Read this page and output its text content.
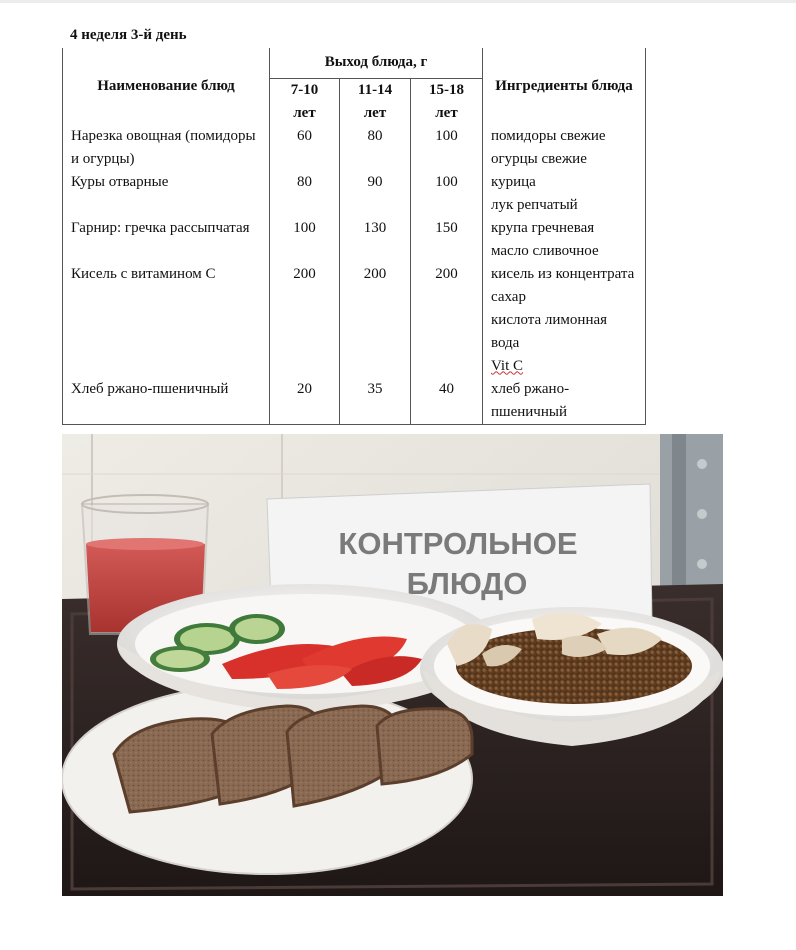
4 неделя 3-й день
Наименование блюд	Выход блюда, г			Ингредиенты блюда
	7-10 лет	11-14 лет	15-18 лет	
Нарезка овощная (помидоры	60	80	100	помидоры свежие
и огурцы)				огурцы свежие
Куры отварные	80	90	100	курица
				лук репчатый
Гарнир: гречка рассыпчатая	100	130	150	крупа гречневая
				масло сливочное
Кисель с витамином С	200	200	200	кисель из концентрата
				сахар
				кислота лимонная
				вода
				Vit C
Хлеб ржано-пшеничный	20	35	40	хлеб ржано-пшеничный
КОНТРОЛЬНОЕ
БЛЮДО
